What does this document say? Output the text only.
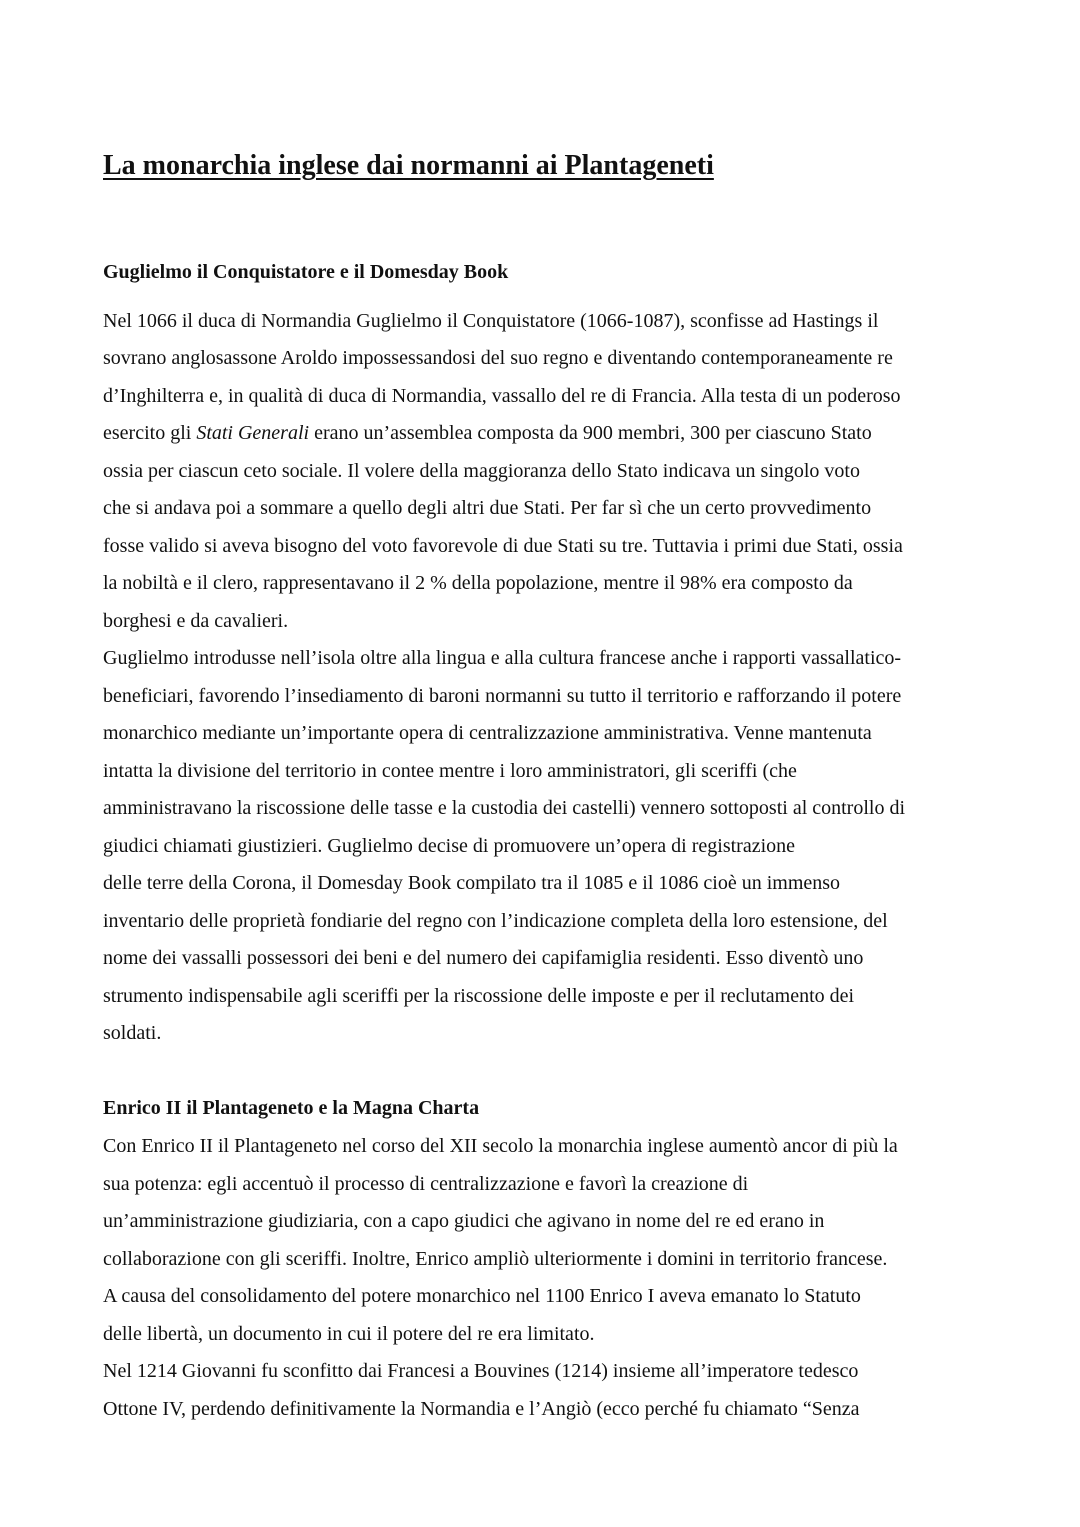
La monarchia inglese dai normanni ai Plantageneti
Guglielmo il Conquistatore e il Domesday Book

Nel 1066 il duca di Normandia Guglielmo il Conquistatore (1066-1087), sconfisse ad Hastings il

sovrano anglosassone Aroldo impossessandosi del suo regno e diventando contemporaneamente re

d’Inghilterra e, in qualità di duca di Normandia, vassallo del re di Francia. Alla testa di un poderoso

esercito gli Stati Generali erano un’assemblea composta da 900 membri, 300 per ciascuno Stato

ossia per ciascun ceto sociale. Il volere della maggioranza dello Stato indicava un singolo voto

che si andava poi a sommare a quello degli altri due Stati. Per far sì che un certo provvedimento

fosse valido si aveva bisogno del voto favorevole di due Stati su tre. Tuttavia i primi due Stati, ossia

la nobiltà e il clero, rappresentavano il 2 % della popolazione, mentre il 98% era composto da

borghesi e da cavalieri.

Guglielmo introdusse nell’isola oltre alla lingua e alla cultura francese anche i rapporti vassallatico-

beneficiari, favorendo l’insediamento di baroni normanni su tutto il territorio e rafforzando il potere

monarchico mediante un’importante opera di centralizzazione amministrativa. Venne mantenuta

intatta la divisione del territorio in contee mentre i loro amministratori, gli sceriffi (che

amministravano la riscossione delle tasse e la custodia dei castelli) vennero sottoposti al controllo di

giudici chiamati giustizieri. Guglielmo decise di promuovere un’opera di registrazione

delle terre della Corona, il Domesday Book compilato tra il 1085 e il 1086 cioè un immenso

inventario delle proprietà fondiarie del regno con l’indicazione completa della loro estensione, del

nome dei vassalli possessori dei beni e del numero dei capifamiglia residenti. Esso diventò uno

strumento indispensabile agli sceriffi per la riscossione delle imposte e per il reclutamento dei

soldati.

Enrico II il Plantageneto e la Magna Charta

Con Enrico II il Plantageneto nel corso del XII secolo la monarchia inglese aumentò ancor di più la

sua potenza: egli accentuò il processo di centralizzazione e favorì la creazione di

un’amministrazione giudiziaria, con a capo giudici che agivano in nome del re ed erano in

collaborazione con gli sceriffi. Inoltre, Enrico ampliò ulteriormente i domini in territorio francese.

A causa del consolidamento del potere monarchico nel 1100 Enrico I aveva emanato lo Statuto

delle libertà, un documento in cui il potere del re era limitato.

Nel 1214 Giovanni fu sconfitto dai Francesi a Bouvines (1214) insieme all’imperatore tedesco

Ottone IV, perdendo definitivamente la Normandia e l’Angiò (ecco perché fu chiamato “Senza
